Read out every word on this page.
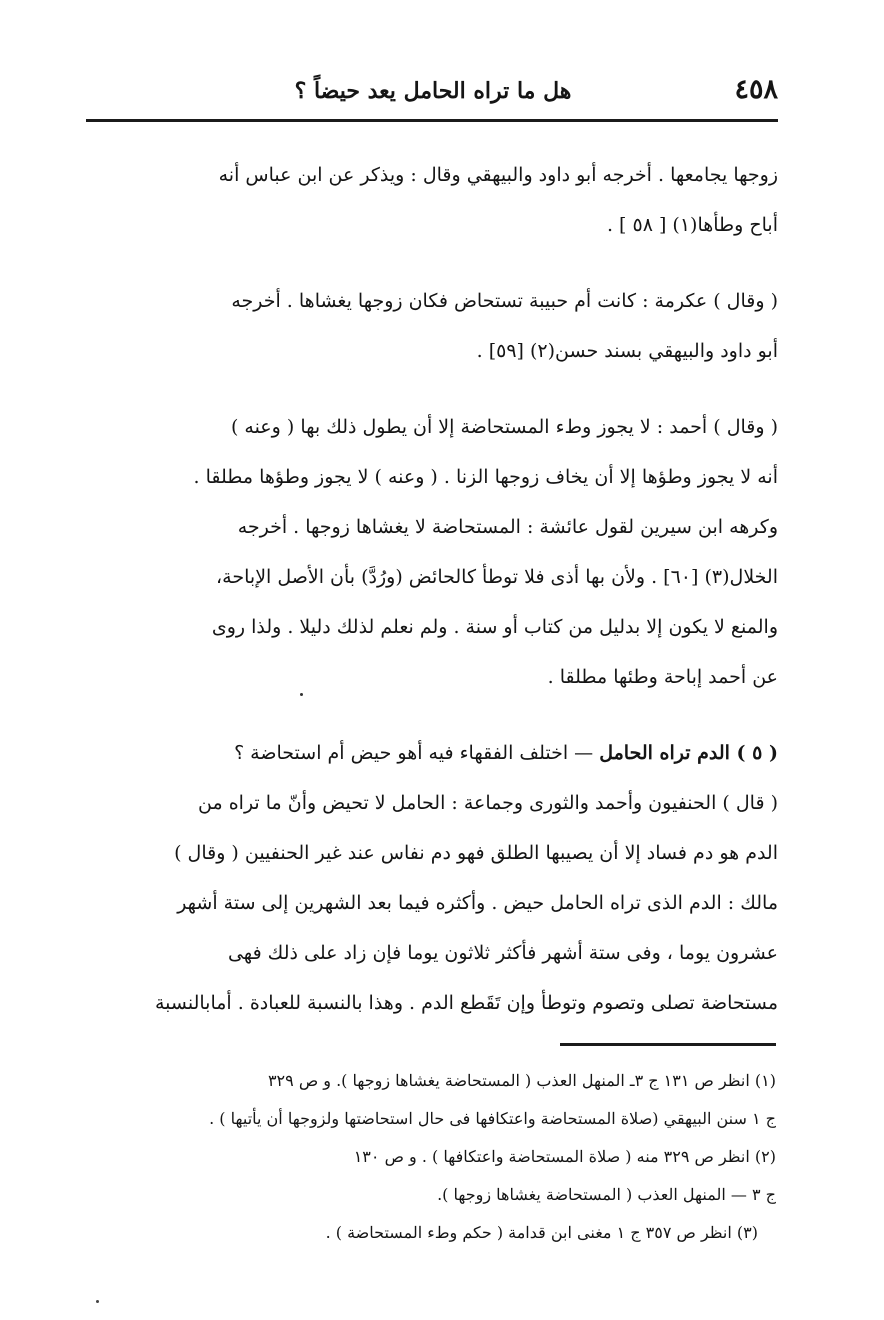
٤٥٨
هل ما تراه الحامل يعد حيضاً ؟

زوجها يجامعها . أخرجه أبو داود والبيهقي وقال : ويذكر عن ابن عباس أنه
أباح وطأها(١) [ ٥٨ ] .

( وقال ) عكرمة : كانت أم حبيبة تستحاض فكان زوجها يغشاها . أخرجه
أبو داود والبيهقي بسند حسن(٢) [٥٩] .

( وقال ) أحمد : لا يجوز وطء المستحاضة إلا أن يطول ذلك بها ( وعنه )
أنه لا يجوز وطؤها إلا أن يخاف زوجها الزنا . ( وعنه ) لا يجوز وطؤها مطلقا .
وكرهه ابن سيرين لقول عائشة : المستحاضة لا يغشاها زوجها . أخرجه
الخلال(٣) [٦٠] . ولأن بها أذى فلا توطأ كالحائض (ورُدَّ) بأن الأصل الإباحة،
والمنع لا يكون إلا بدليل من كتاب أو سنة . ولم نعلم لذلك دليلا . ولذا روى
عن أحمد إباحة وطئها مطلقا .

( ٥ ) الدم تراه الحامل — اختلف الفقهاء فيه أهو حيض أم استحاضة ؟
( قال ) الحنفيون وأحمد والثورى وجماعة : الحامل لا تحيض وأنّ ما تراه من
الدم هو دم فساد إلا أن يصيبها الطلق فهو دم نفاس عند غير الحنفيين ( وقال )
مالك : الدم الذى تراه الحامل حيض . وأكثره فيما بعد الشهرين إلى ستة أشهر
عشرون يوما ، وفى ستة أشهر فأكثر ثلاثون يوما فإن زاد على ذلك فهى
مستحاضة تصلى وتصوم وتوطأ وإن تَقَطع الدم . وهذا بالنسبة للعبادة . أمابالنسبة

(١) انظر ص ١٣١ ج ٣ـ المنهل العذب ( المستحاضة يغشاها زوجها ). و ص ٣٢٩
ج ١ سنن البيهقي (صلاة المستحاضة واعتكافها فى حال استحاضتها ولزوجها أن يأتيها ) .

(٢) انظر ص ٣٢٩ منه ( صلاة المستحاضة واعتكافها ) . و ص ١٣٠
ج ٣ — المنهل العذب ( المستحاضة يغشاها زوجها ).

(٣) انظر ص ٣٥٧ ج ١ مغنى ابن قدامة ( حكم وطء المستحاضة ) .
